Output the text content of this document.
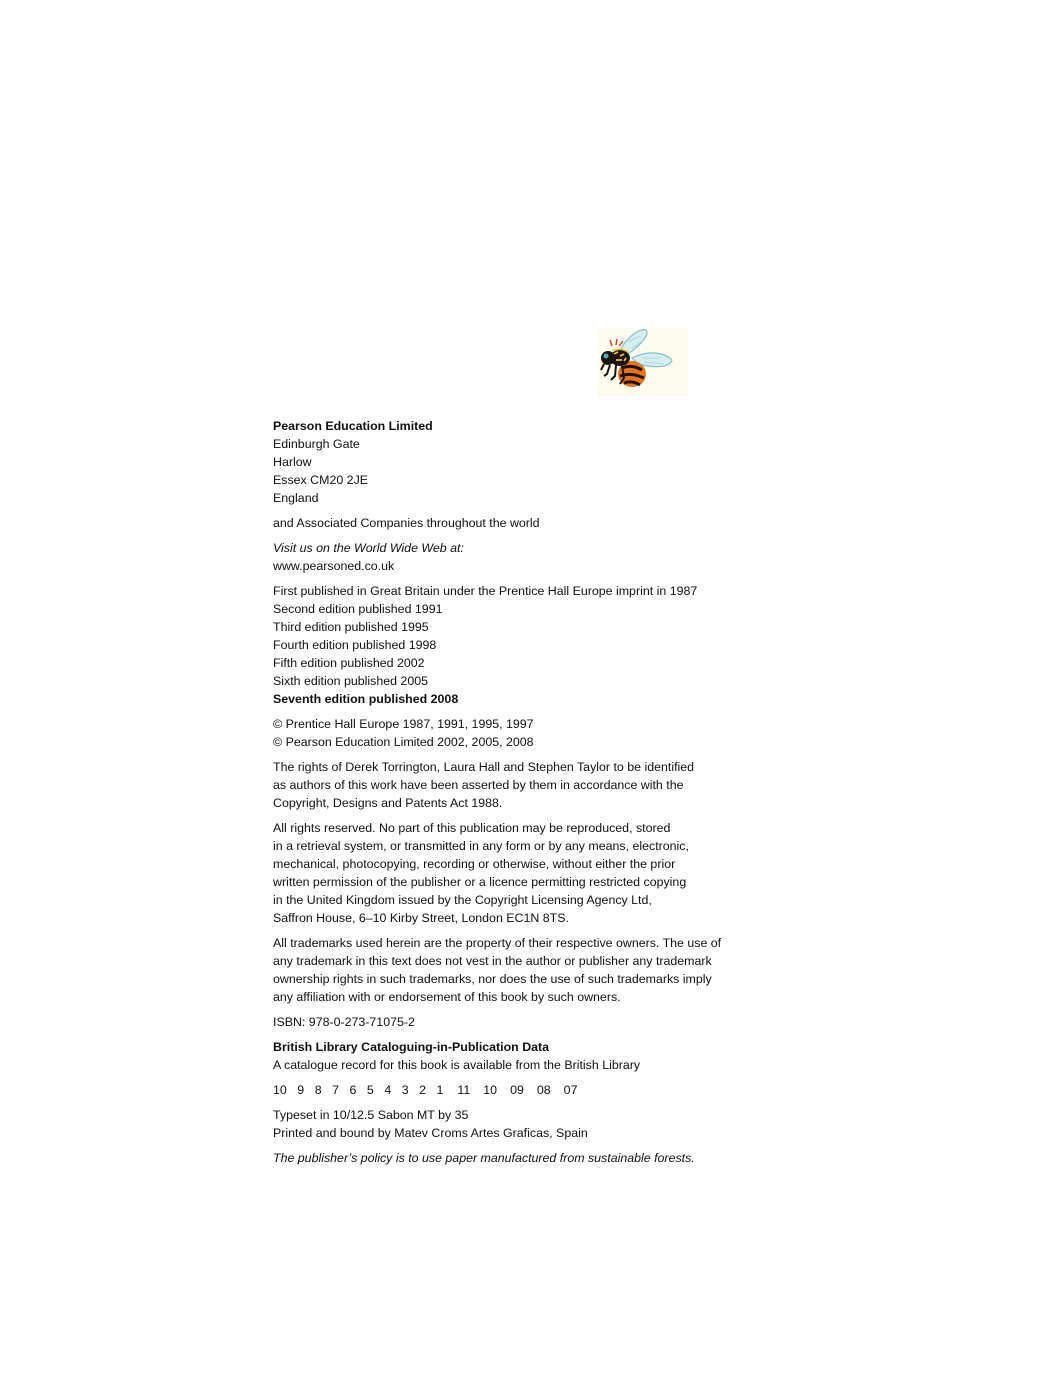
Pearson Education Limited
Edinburgh Gate
Harlow
Essex CM20 2JE
England
and Associated Companies throughout the world
Visit us on the World Wide Web at:
www.pearsoned.co.uk
First published in Great Britain under the Prentice Hall Europe imprint in 1987
Second edition published 1991
Third edition published 1995
Fourth edition published 1998
Fifth edition published 2002
Sixth edition published 2005
Seventh edition published 2008
© Prentice Hall Europe 1987, 1991, 1995, 1997
© Pearson Education Limited 2002, 2005, 2008
The rights of Derek Torrington, Laura Hall and Stephen Taylor to be identified
as authors of this work have been asserted by them in accordance with the
Copyright, Designs and Patents Act 1988.
All rights reserved. No part of this publication may be reproduced, stored
in a retrieval system, or transmitted in any form or by any means, electronic,
mechanical, photocopying, recording or otherwise, without either the prior
written permission of the publisher or a licence permitting restricted copying
in the United Kingdom issued by the Copyright Licensing Agency Ltd,
Saffron House, 6–10 Kirby Street, London EC1N 8TS.
All trademarks used herein are the property of their respective owners. The use of
any trademark in this text does not vest in the author or publisher any trademark
ownership rights in such trademarks, nor does the use of such trademarks imply
any affiliation with or endorsement of this book by such owners.
ISBN: 978-0-273-71075-2
British Library Cataloguing-in-Publication Data
A catalogue record for this book is available from the British Library
10 9 8 7 6 5 4 3 2 1 11 10 09 08 07
Typeset in 10/12.5 Sabon MT by 35
Printed and bound by Matev Croms Artes Graficas, Spain
The publisher’s policy is to use paper manufactured from sustainable forests.
